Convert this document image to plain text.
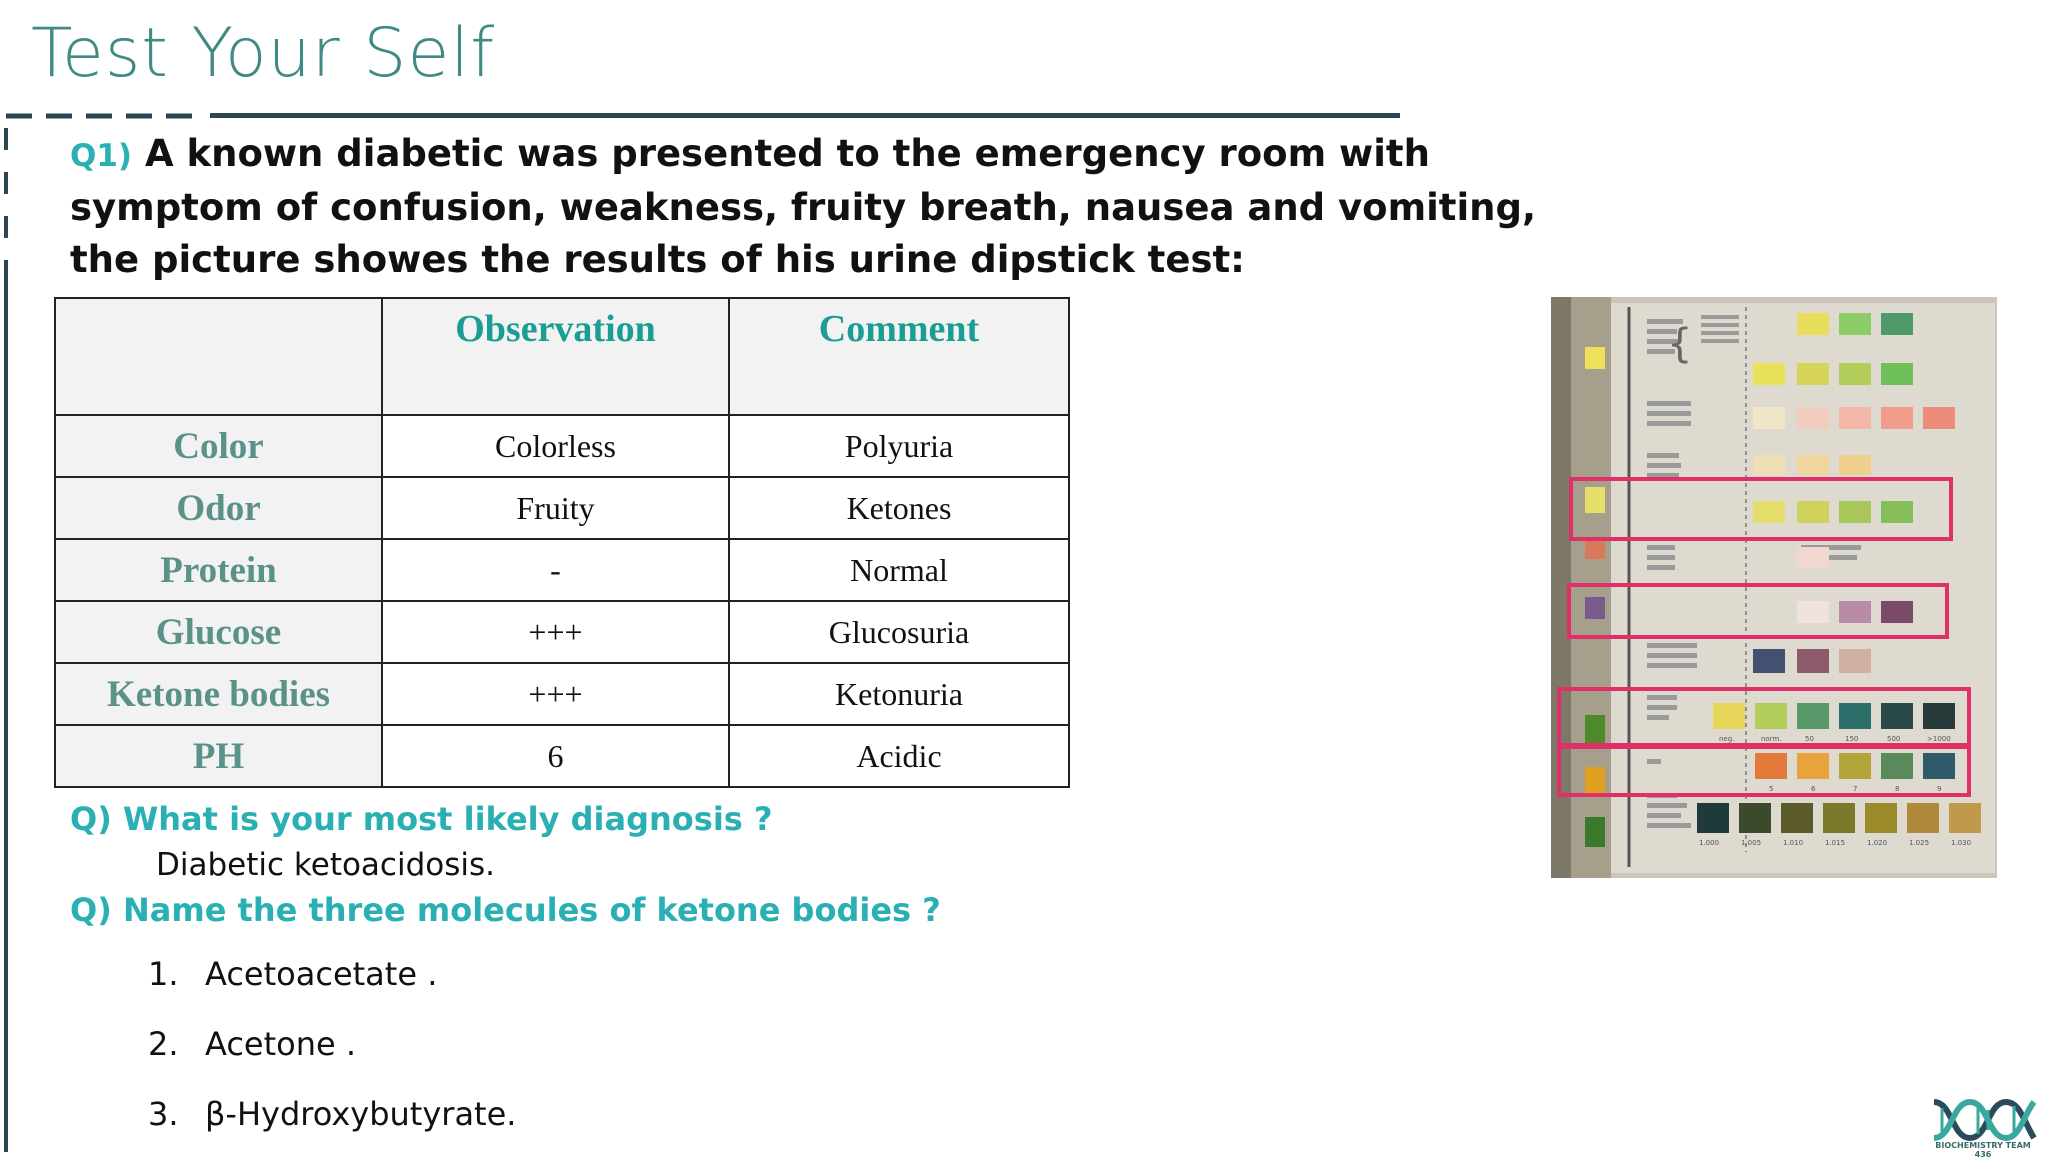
Test Your Self
Q1) A known diabetic was presented to the emergency room with symptom of confusion, weakness, fruity breath, nausea and vomiting, the picture showes the results of his urine dipstick test:
	Observation	Comment
Color	Colorless	Polyuria
Odor	Fruity	Ketones
Protein	-	Normal
Glucose	+++	Glucosuria
Ketone bodies	+++	Ketonuria
PH	6	Acidic
Q) What is your most likely diagnosis ?
Diabetic ketoacidosis.
Q) Name the three molecules of ketone bodies ?
1. Acetoacetate .
2. Acetone .
3. β-Hydroxybutyrate.
{
neg.	norm.	50	150	500	>1000
5	6	7	8	9
1.000	1.005	1.010	1.015	1.020	1.025	1.030
BIOCHEMISTRY TEAM 436
